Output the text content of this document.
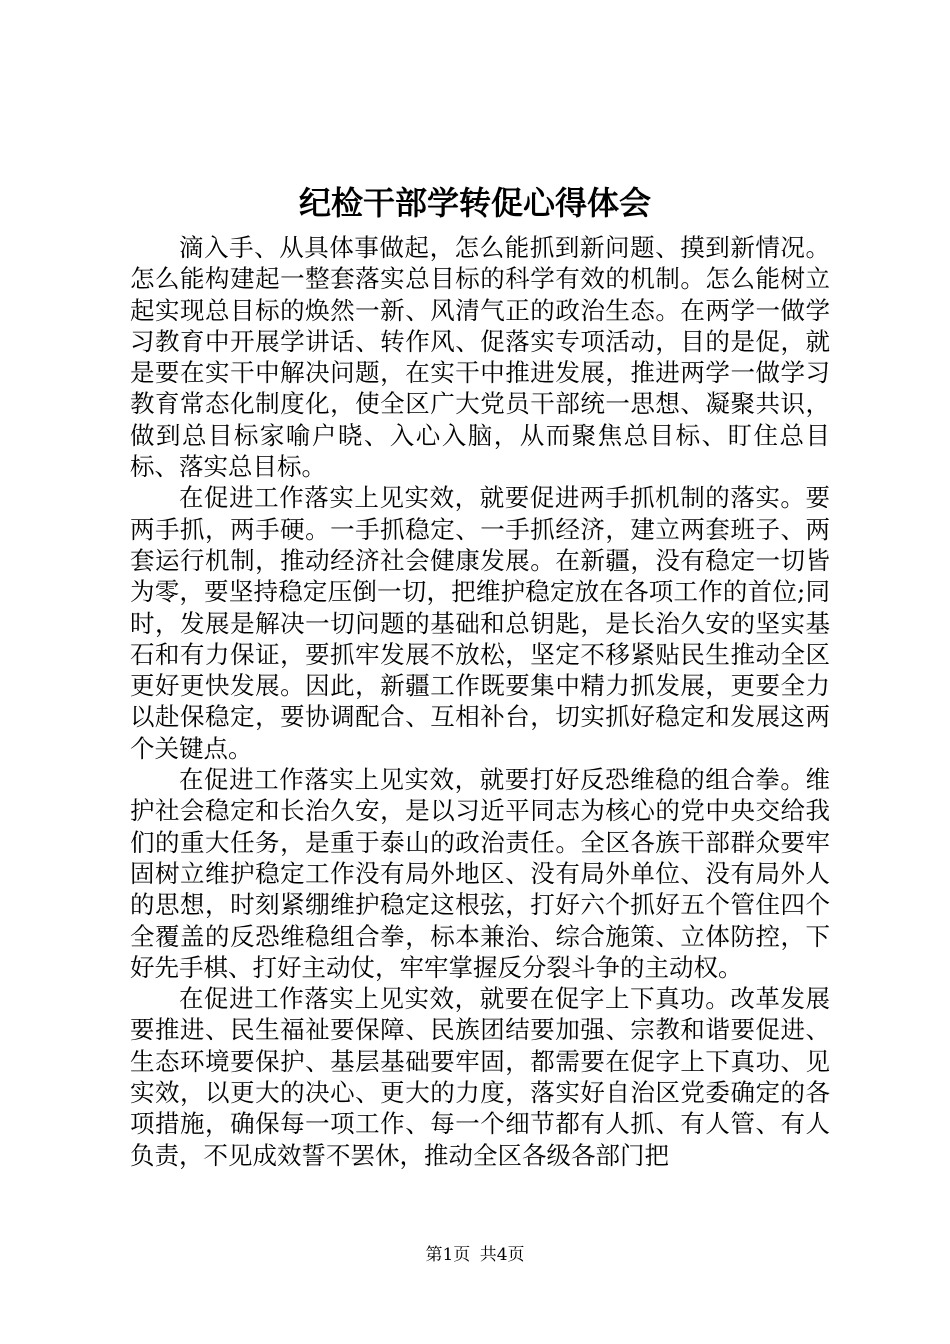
纪检干部学转促心得体会

滴入手、从具体事做起，怎么能抓到新问题、摸到新情况。怎么能构建起一整套落实总目标的科学有效的机制。怎么能树立起实现总目标的焕然一新、风清气正的政治生态。在两学一做学习教育中开展学讲话、转作风、促落实专项活动，目的是促，就是要在实干中解决问题，在实干中推进发展，推进两学一做学习教育常态化制度化，使全区广大党员干部统一思想、凝聚共识，做到总目标家喻户晓、入心入脑，从而聚焦总目标、盯住总目标、落实总目标。

在促进工作落实上见实效，就要促进两手抓机制的落实。要两手抓，两手硬。一手抓稳定、一手抓经济，建立两套班子、两套运行机制，推动经济社会健康发展。在新疆，没有稳定一切皆为零，要坚持稳定压倒一切，把维护稳定放在各项工作的首位;同时，发展是解决一切问题的基础和总钥匙，是长治久安的坚实基石和有力保证，要抓牢发展不放松，坚定不移紧贴民生推动全区更好更快发展。因此，新疆工作既要集中精力抓发展，更要全力以赴保稳定，要协调配合、互相补台，切实抓好稳定和发展这两个关键点。

在促进工作落实上见实效，就要打好反恐维稳的组合拳。维护社会稳定和长治久安，是以习近平同志为核心的党中央交给我们的重大任务，是重于泰山的政治责任。全区各族干部群众要牢固树立维护稳定工作没有局外地区、没有局外单位、没有局外人的思想，时刻紧绷维护稳定这根弦，打好六个抓好五个管住四个全覆盖的反恐维稳组合拳，标本兼治、综合施策、立体防控，下好先手棋、打好主动仗，牢牢掌握反分裂斗争的主动权。

在促进工作落实上见实效，就要在促字上下真功。改革发展要推进、民生福祉要保障、民族团结要加强、宗教和谐要促进、生态环境要保护、基层基础要牢固，都需要在促字上下真功、见实效，以更大的决心、更大的力度，落实好自治区党委确定的各项措施，确保每一项工作、每一个细节都有人抓、有人管、有人负责，不见成效誓不罢休，推动全区各级各部门把

第1页 共4页
